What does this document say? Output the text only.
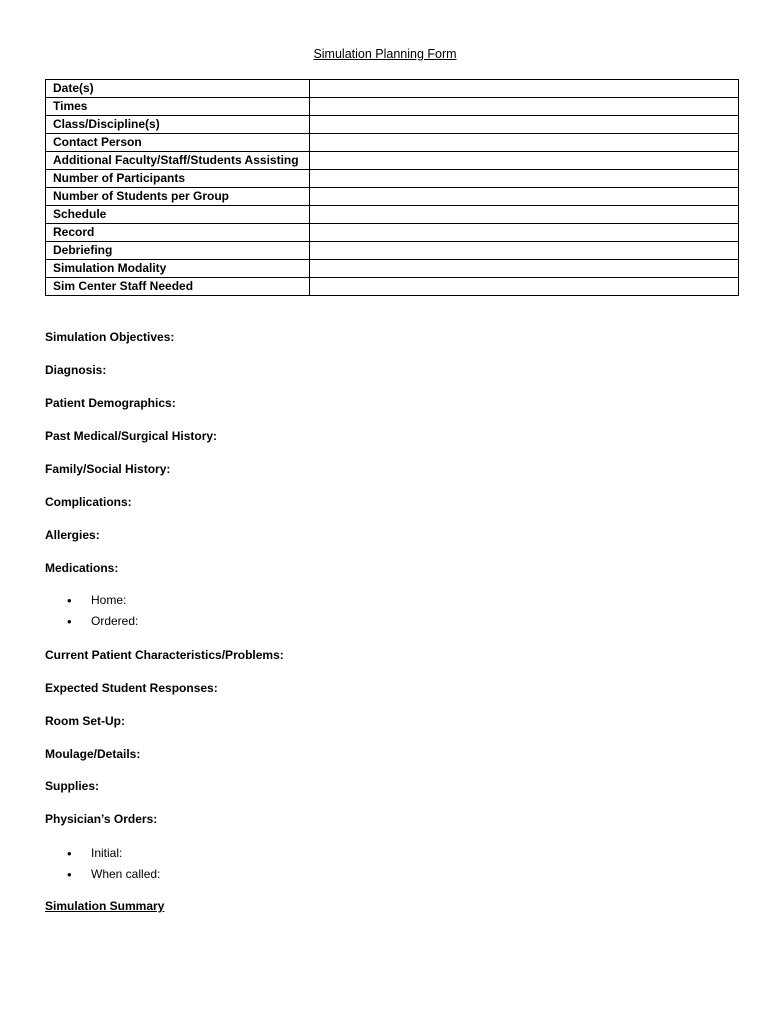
Simulation Planning Form
Date(s)	
Times	
Class/Discipline(s)	
Contact Person	
Additional Faculty/Staff/Students Assisting	
Number of Participants	
Number of Students per Group	
Schedule	
Record	
Debriefing	
Simulation Modality	
Sim Center Staff Needed	
Simulation Objectives:
Diagnosis:
Patient Demographics:
Past Medical/Surgical History:
Family/Social History:
Complications:
Allergies:
Medications:
• Home:
• Ordered:
Current Patient Characteristics/Problems:
Expected Student Responses:
Room Set-Up:
Moulage/Details:
Supplies:
Physician’s Orders:
• Initial:
• When called:
Simulation Summary
